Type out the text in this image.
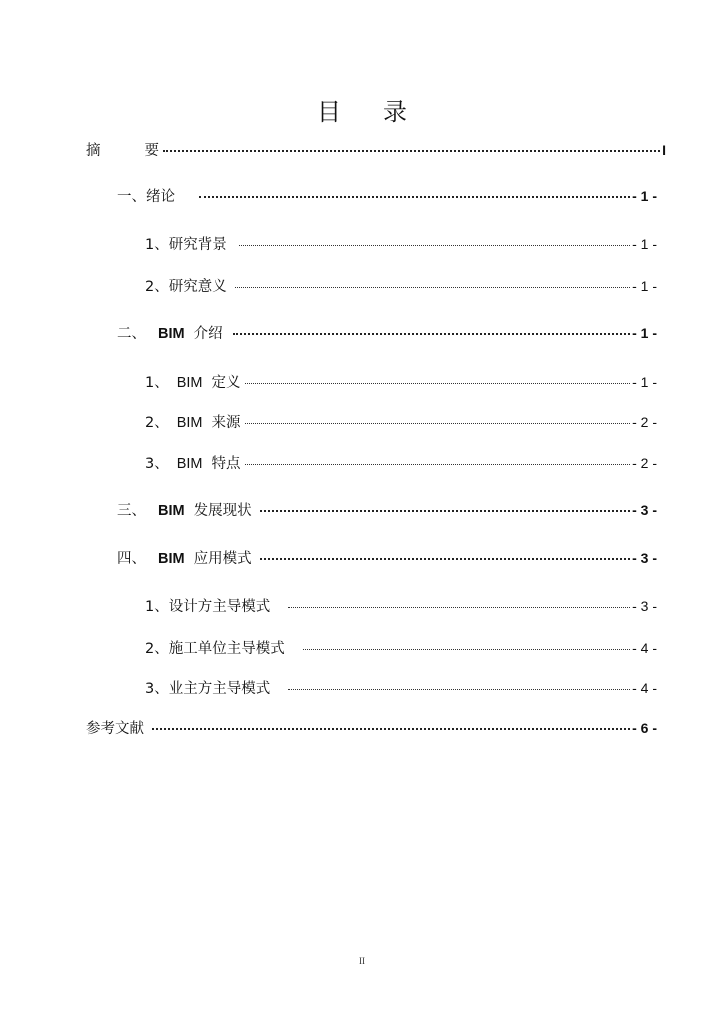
目 录
摘	要	I
一、绪论	- 1 -
1、研究背景	- 1 -
2、研究意义	- 1 -
二、 BIM 介绍	- 1 -
1、 BIM 定义	- 1 -
2、 BIM 来源	- 2 -
3、 BIM 特点	- 2 -
三、 BIM 发展现状	- 3 -
四、 BIM 应用模式	- 3 -
1、设计方主导模式	- 3 -
2、施工单位主导模式	- 4 -
3、业主方主导模式	- 4 -
参考文献	- 6 -
II
